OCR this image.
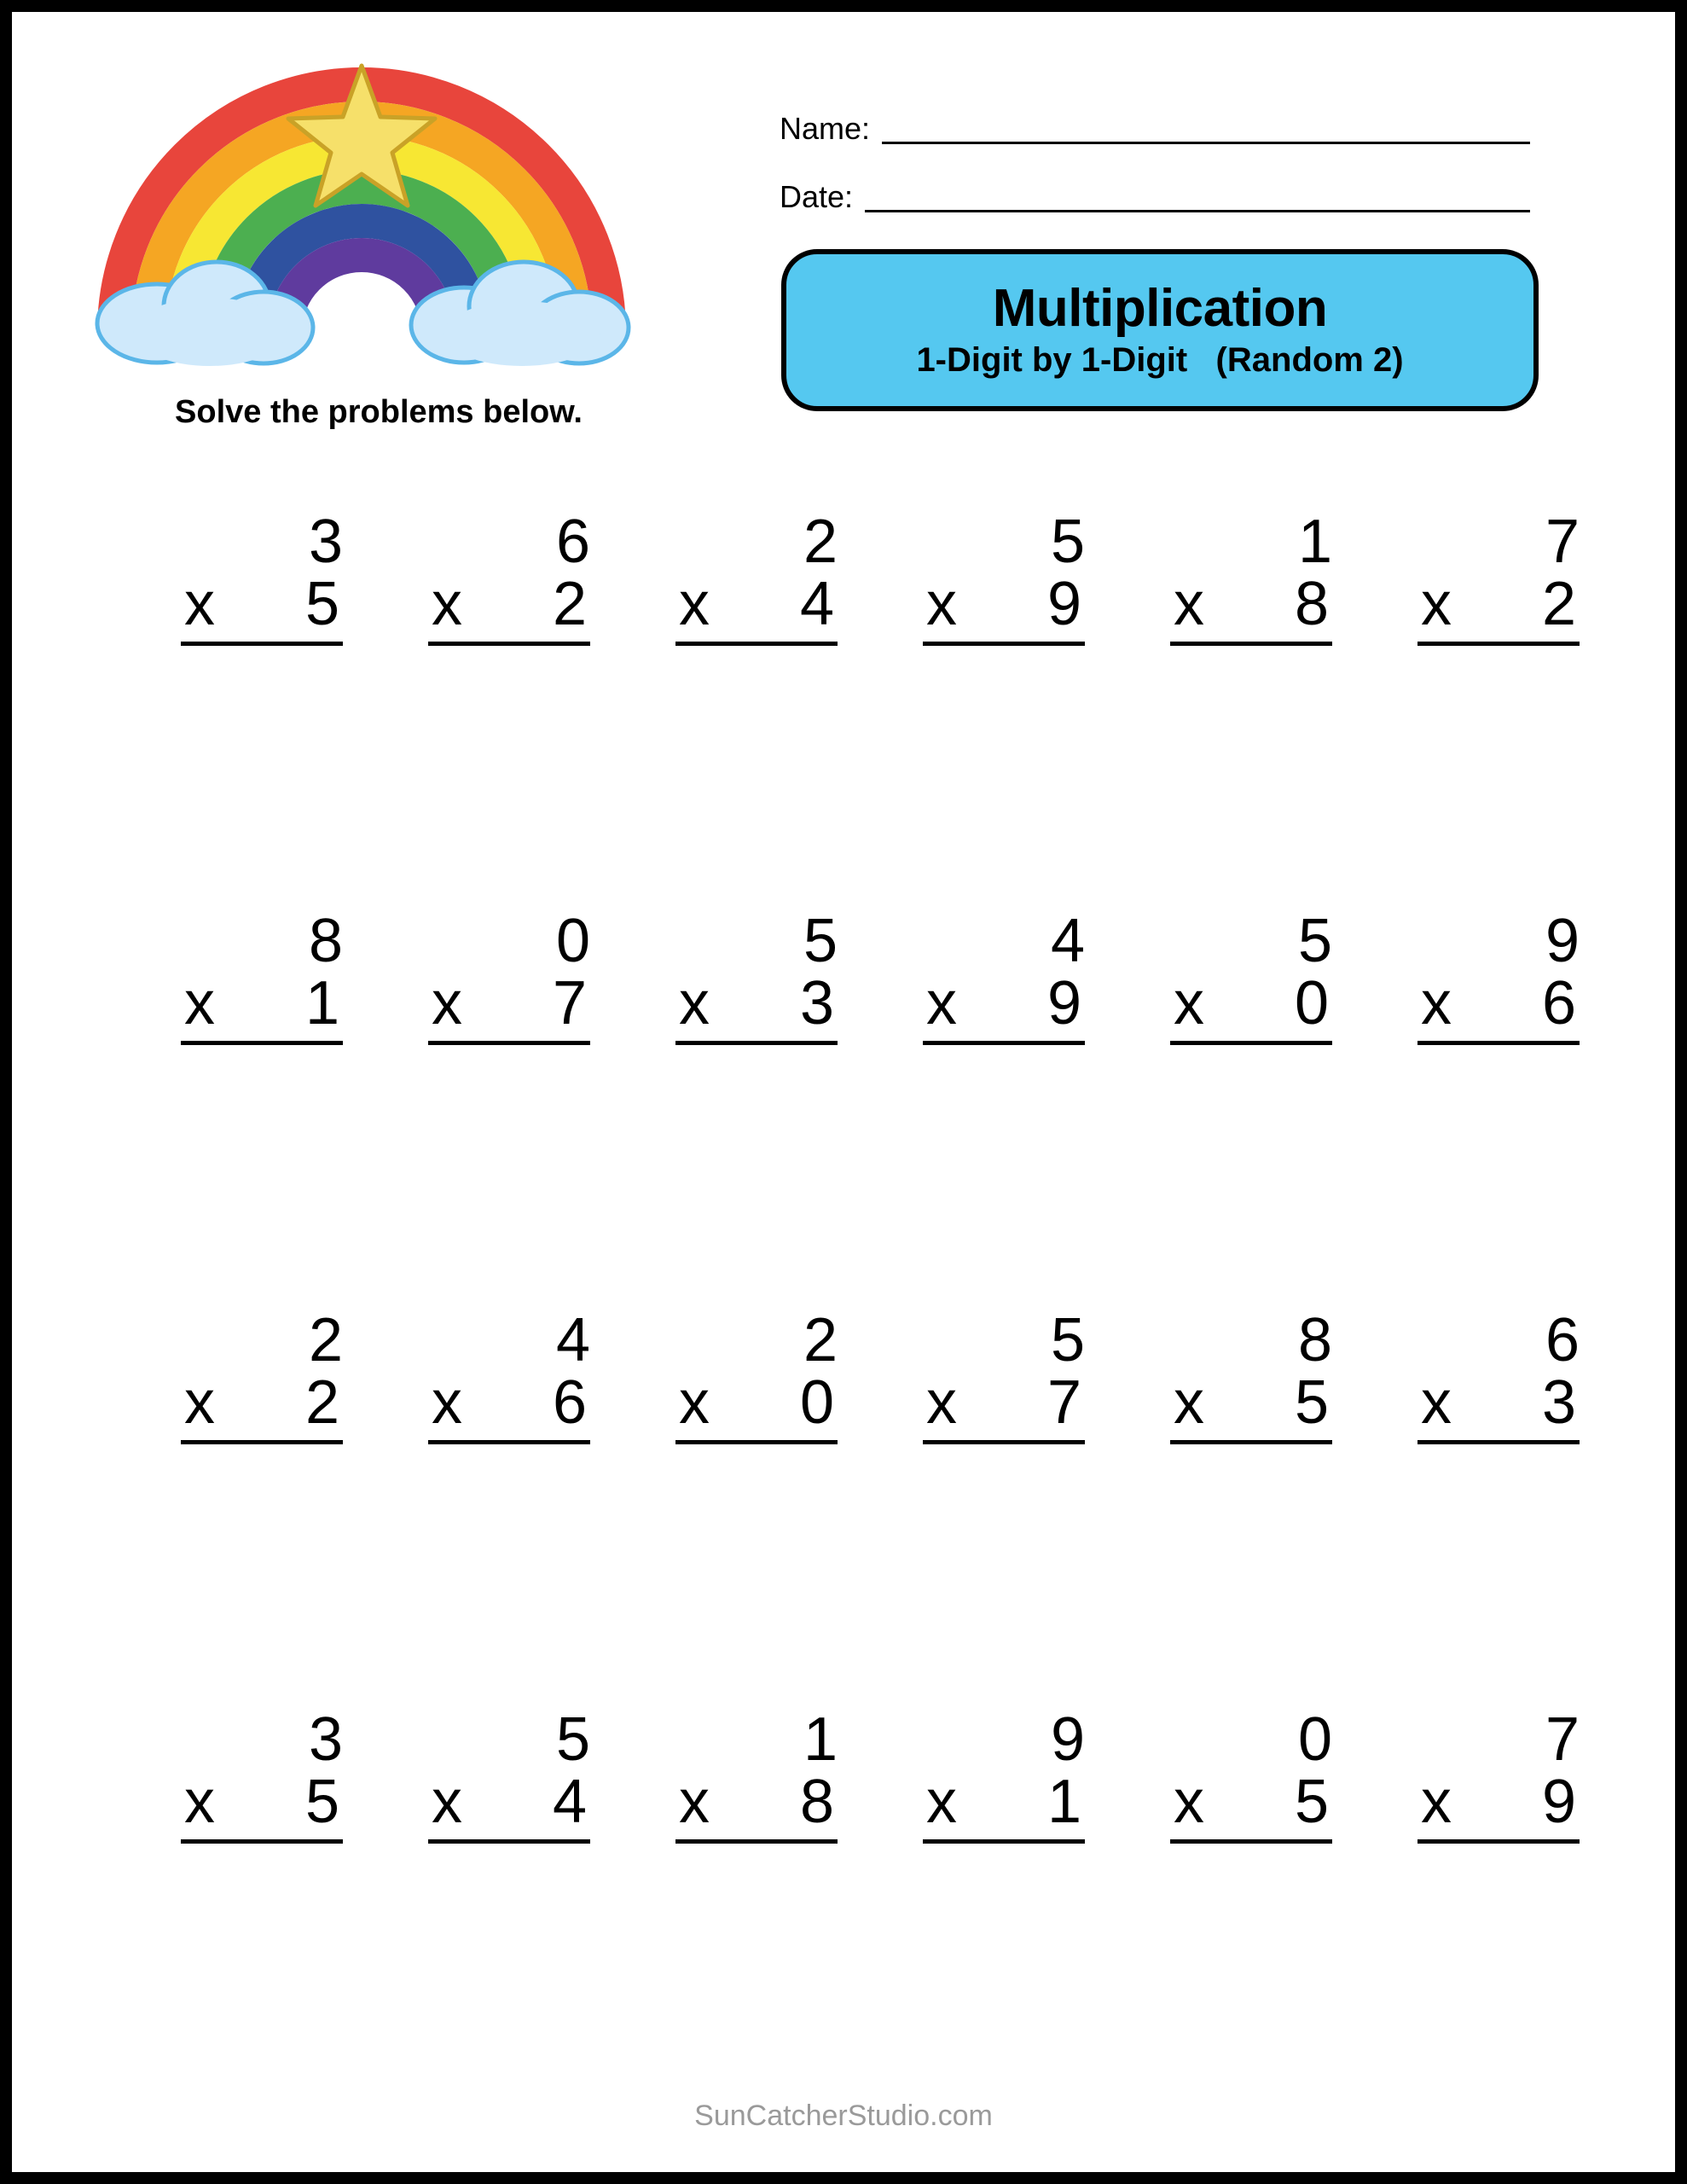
Solve the problems below.
Name:
Date:
Multiplication
1-Digit by 1-Digit   (Random 2)
3
x 5
6
x 2
2
x 4
5
x 9
1
x 8
7
x 2
8
x 1
0
x 7
5
x 3
4
x 9
5
x 0
9
x 6
2
x 2
4
x 6
2
x 0
5
x 7
8
x 5
6
x 3
3
x 5
5
x 4
1
x 8
9
x 1
0
x 5
7
x 9
SunCatcherStudio.com
